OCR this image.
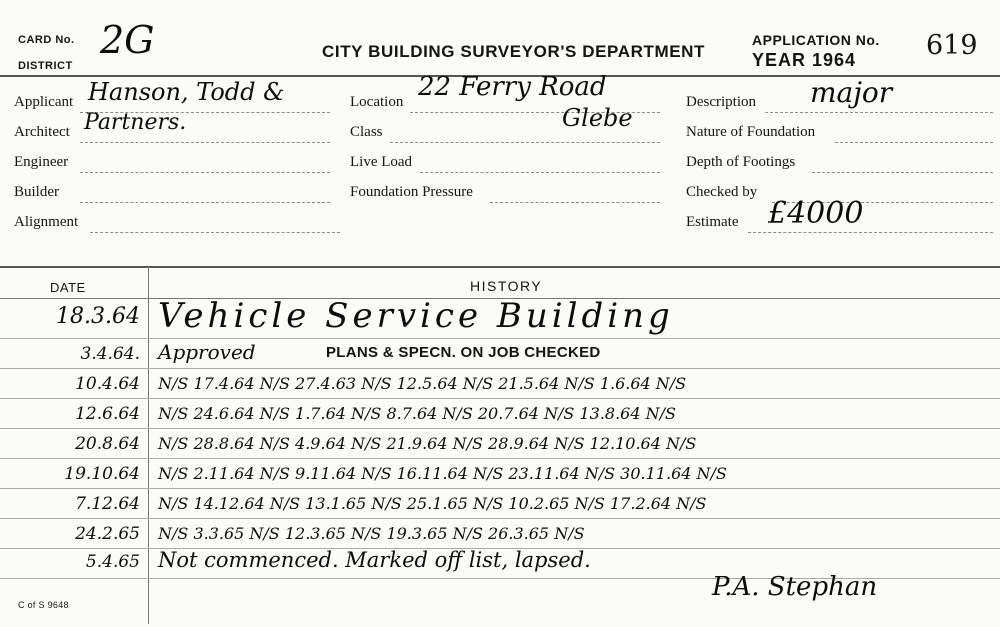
CARD No. 2G
DISTRICT
CITY BUILDING SURVEYOR'S DEPARTMENT
APPLICATION No. 619
YEAR 1964
Applicant
Architect
Engineer
Builder
Alignment
Hanson, Todd &
Partners.
Location
Class
Live Load
Foundation Pressure
22 Ferry Road
Glebe
Description
Nature of Foundation
Depth of Footings
Checked by
Estimate
major
£4000
DATE	HISTORY
18.3.64 Vehicle Service Building
3.4.64. Approved	PLANS & SPECN. ON JOB CHECKED
10.4.64 N/S 17.4.64 N/S 27.4.63 N/S 12.5.64 N/S 21.5.64 N/S 1.6.64 N/S
12.6.64 N/S 24.6.64 N/S 1.7.64 N/S 8.7.64 N/S 20.7.64 N/S 13.8.64 N/S
20.8.64 N/S 28.8.64 N/S 4.9.64 N/S 21.9.64 N/S 28.9.64 N/S 12.10.64 N/S
19.10.64 N/S 2.11.64 N/S 9.11.64 N/S 16.11.64 N/S 23.11.64 N/S 30.11.64 N/S
7.12.64 N/S 14.12.64 N/S 13.1.65 N/S 25.1.65 N/S 10.2.65 N/S 17.2.64 N/S
24.2.65 N/S 3.3.65 N/S 12.3.65 N/S 19.3.65 N/S 26.3.65 N/S
5.4.65 Not commenced. Marked off list, lapsed.
P.A. Stephan
C of S 9648
